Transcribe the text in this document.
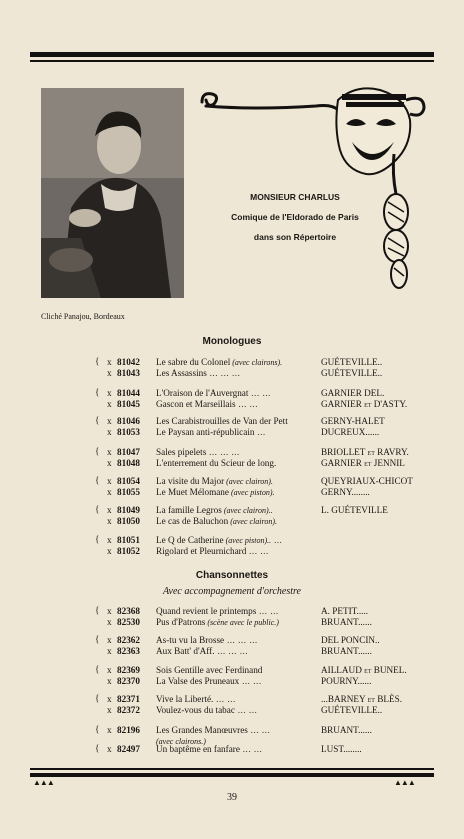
Cliché Panajou, Bordeaux
MONSIEUR CHARLUS
Comique de l'Eldorado de Paris
dans son Répertoire
Monologues
{ x 81042 Le sabre du Colonel (avec clairons).	GUÉTEVILLE..
x 81043 Les Assassins ... ... ...	GUÉTEVILLE..
{ x 81044 L'Oraison de l'Auvergnat ... ...	GARNIER DEL.
x 81045 Gascon et Marseillais ... ...	GARNIER et D'ASTY.
{ x 81046 Les Carabistrouilles de Van der Pett	GERNY-HALET
x 81053 Le Paysan anti-républicain ...	DUCREUX......
{ x 81047 Sales pipelets ... ... ...	BRIOLLET et RAVRY.
x 81048 L'enterrement du Scieur de long.	GARNIER et JENNIL
{ x 81054 La visite du Major (avec clairon).	QUEYRIAUX-CHICOT
x 81055 Le Muet Mélomane (avec piston).	GERNY........
{ x 81049 La famille Legros (avec clairon)..	L. GUÉTEVILLE
x 81050 Le cas de Baluchon (avec clairon).
{ x 81051 Le Q de Catherine (avec piston).. ...
x 81052 Rigolard et Pleurnichard ... ...
Chansonnettes
Avec accompagnement d'orchestre
{ x 82368 Quand revient le printemps ... ...	A. PETIT.....
x 82530 Pus d'Patrons (scène avec le public.)	BRUANT......
{ x 82362 As-tu vu la Brosse ... ... ...	DEL PONCIN..
x 82363 Aux Batt' d'Aff. ... ... ...	BRUANT......
{ x 82369 Sois Gentille avec Ferdinand	AILLAUD et BUNEL.
x 82370 La Valse des Pruneaux ... ...	POURNY......
{ x 82371 Vive la Liberté. ... ...	...BARNEY et BLÈS.
x 82372 Voulez-vous du tabac ... ...	GUÉTEVILLE..
{ x 82196 Les Grandes Manœuvres ... ...	BRUANT......
(avec clairons.)
{ x 82497 Un baptême en fanfare ... ...	LUST........
▲▲▲	▲▲▲
39
